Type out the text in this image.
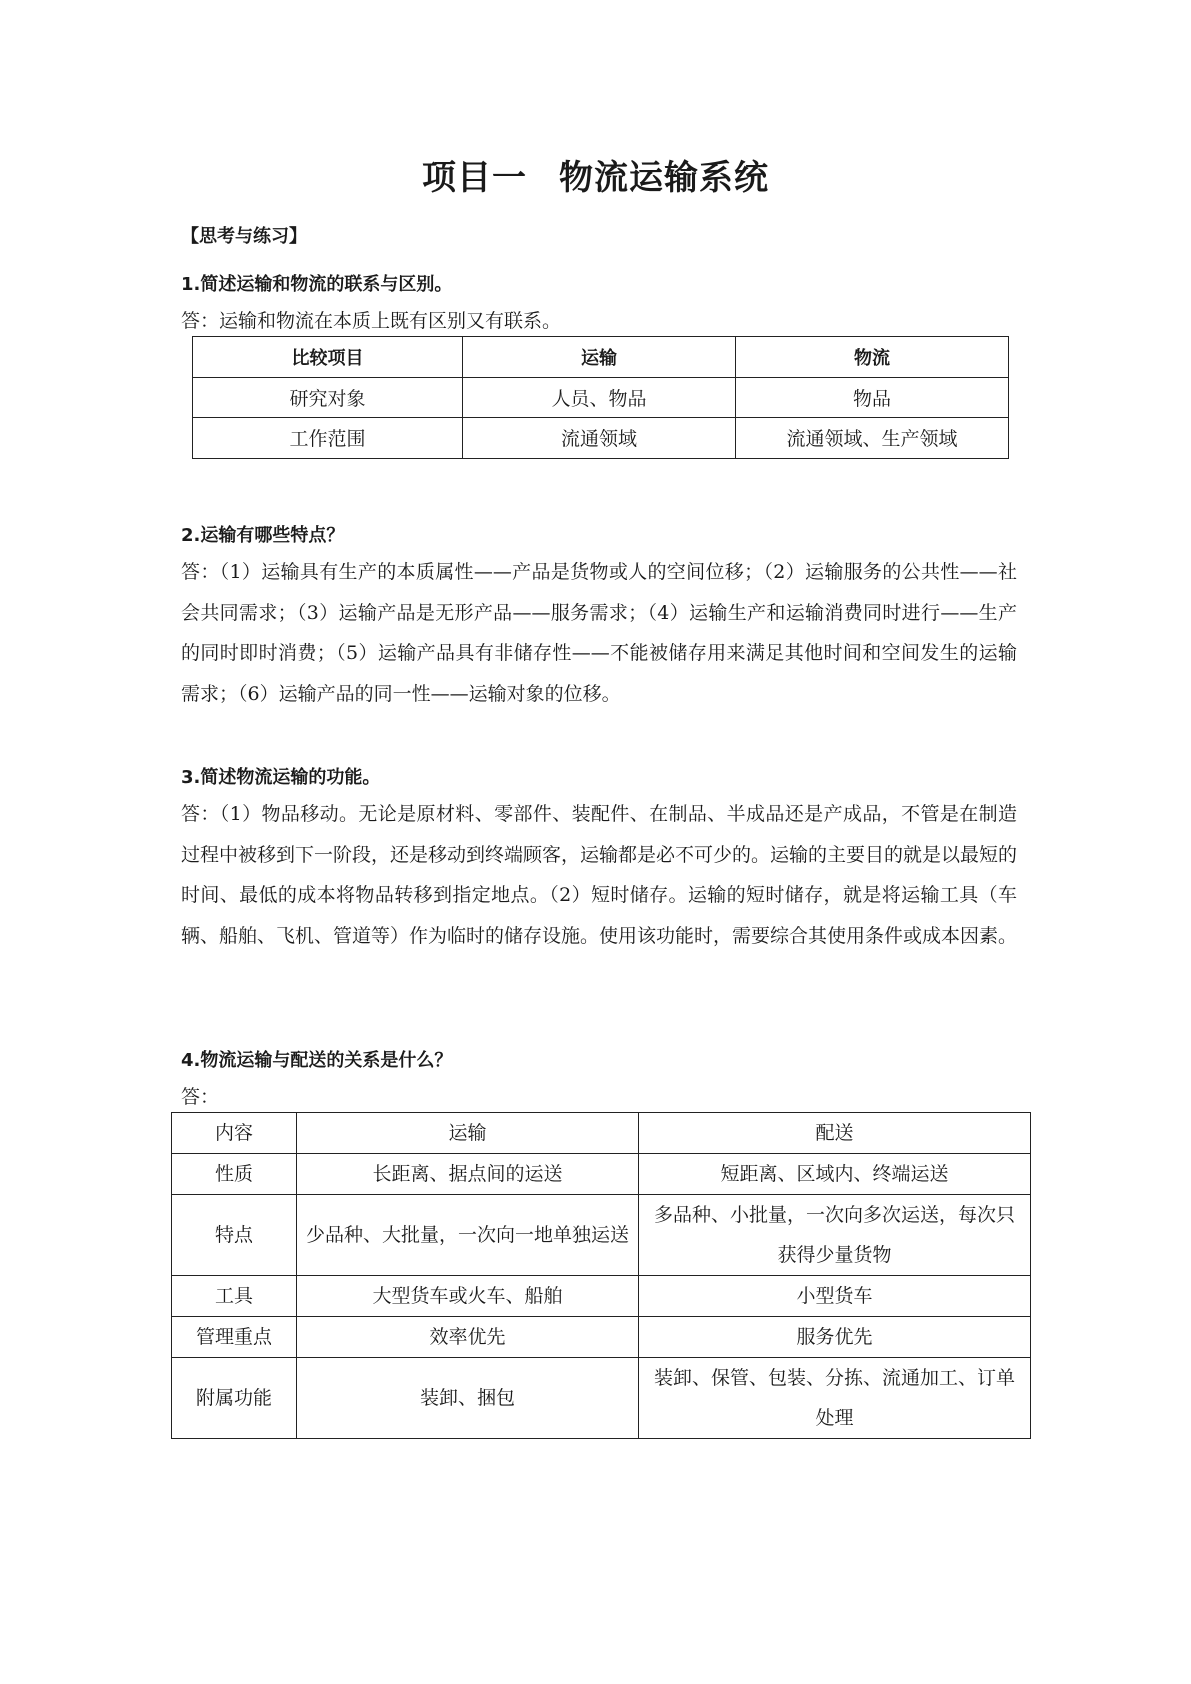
项目一 物流运输系统
【思考与练习】
1.简述运输和物流的联系与区别。
答：运输和物流在本质上既有区别又有联系。
比较项目	运输	物流
研究对象	人员、物品	物品
工作范围	流通领域	流通领域、生产领域
2.运输有哪些特点？
答：（1）运输具有生产的本质属性——产品是货物或人的空间位移；（2）运输服务的公共性——社会共同需求；（3）运输产品是无形产品——服务需求；（4）运输生产和运输消费同时进行——生产的同时即时消费；（5）运输产品具有非储存性——不能被储存用来满足其他时间和空间发生的运输需求；（6）运输产品的同一性——运输对象的位移。
3.简述物流运输的功能。
答：（1）物品移动。无论是原材料、零部件、装配件、在制品、半成品还是产成品，不管是在制造过程中被移到下一阶段，还是移动到终端顾客，运输都是必不可少的。运输的主要目的就是以最短的时间、最低的成本将物品转移到指定地点。（2）短时储存。运输的短时储存，就是将运输工具（车辆、船舶、飞机、管道等）作为临时的储存设施。使用该功能时，需要综合其使用条件或成本因素。
4.物流运输与配送的关系是什么？
答：
内容	运输	配送
性质	长距离、据点间的运送	短距离、区域内、终端运送
特点	少品种、大批量，一次向一地单独运送	多品种、小批量，一次向多次运送，每次只获得少量货物
工具	大型货车或火车、船舶	小型货车
管理重点	效率优先	服务优先
附属功能	装卸、捆包	装卸、保管、包装、分拣、流通加工、订单处理
